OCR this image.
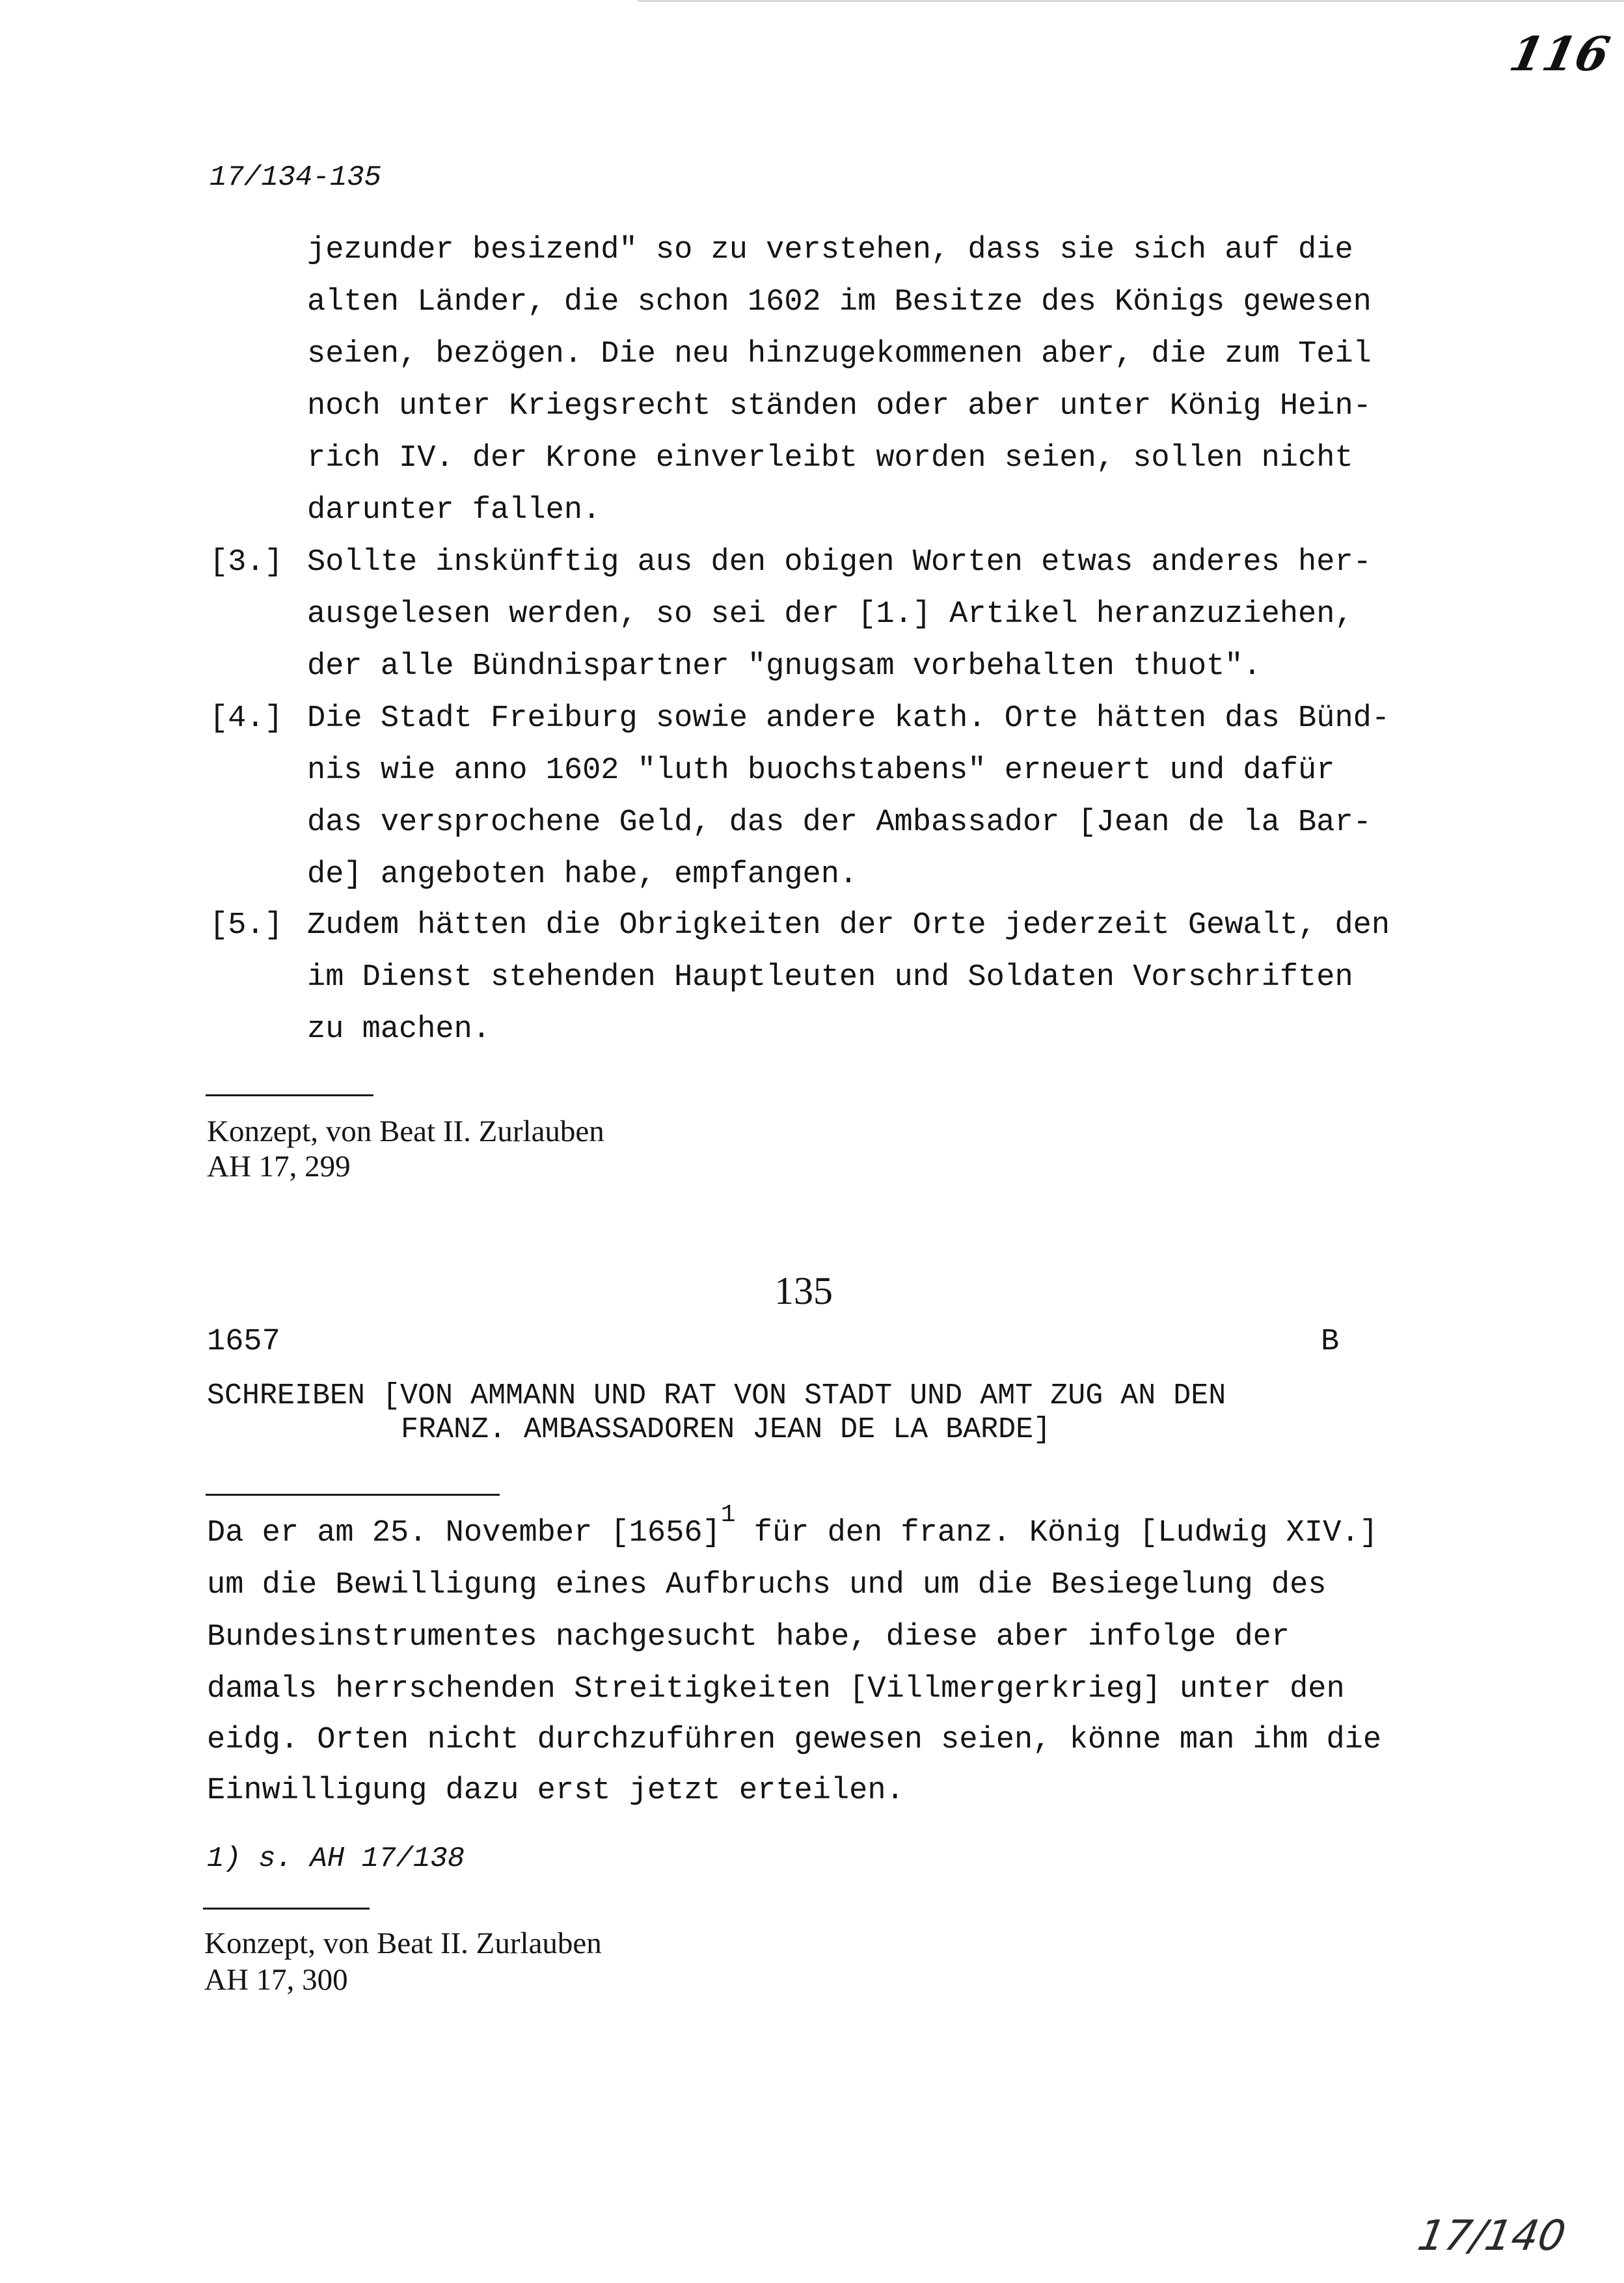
116
17/134-135
jezunder besizend" so zu verstehen, dass sie sich auf die
alten Länder, die schon 1602 im Besitze des Königs gewesen
seien, bezögen. Die neu hinzugekommenen aber, die zum Teil
noch unter Kriegsrecht ständen oder aber unter König Hein-
rich IV. der Krone einverleibt worden seien, sollen nicht
darunter fallen.
[3.] Sollte inskünftig aus den obigen Worten etwas anderes her-
ausgelesen werden, so sei der [1.] Artikel heranzuziehen,
der alle Bündnispartner "gnugsam vorbehalten thuot".
[4.] Die Stadt Freiburg sowie andere kath. Orte hätten das Bünd-
nis wie anno 1602 "luth buochstabens" erneuert und dafür
das versprochene Geld, das der Ambassador [Jean de la Bar-
de] angeboten habe, empfangen.
[5.] Zudem hätten die Obrigkeiten der Orte jederzeit Gewalt, den
im Dienst stehenden Hauptleuten und Soldaten Vorschriften
zu machen.
Konzept, von Beat II. Zurlauben
AH 17, 299
135
1657	B
SCHREIBEN [VON AMMANN UND RAT VON STADT UND AMT ZUG AN DEN
FRANZ. AMBASSADOREN JEAN DE LA BARDE]
Da er am 25. November [1656]$^1$ für den franz. König [Ludwig XIV.]
um die Bewilligung eines Aufbruchs und um die Besiegelung des
Bundesinstrumentes nachgesucht habe, diese aber infolge der
damals herrschenden Streitigkeiten [Villmergerkrieg] unter den
eidg. Orten nicht durchzuführen gewesen seien, könne man ihm die
Einwilligung dazu erst jetzt erteilen.
1) s. AH 17/138
Konzept, von Beat II. Zurlauben
AH 17, 300
17/140
